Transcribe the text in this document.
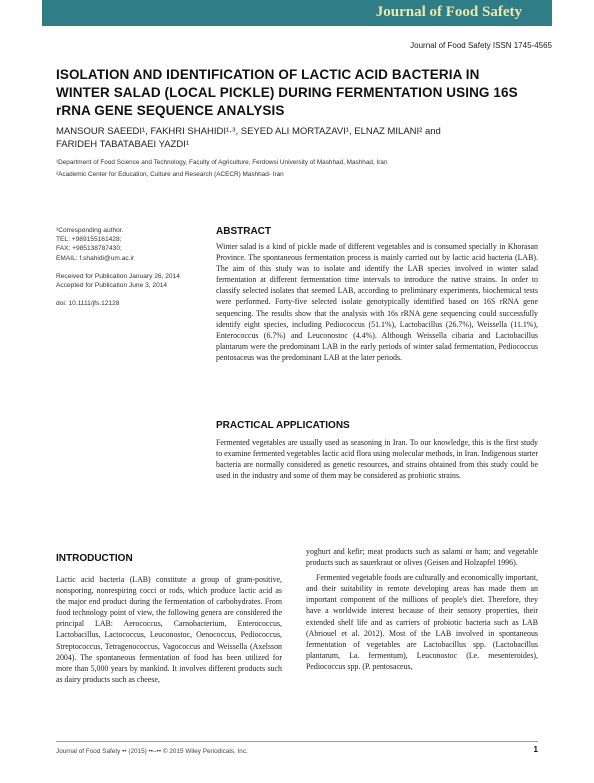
Journal of Food Safety
Journal of Food Safety ISSN 1745-4565
ISOLATION AND IDENTIFICATION OF LACTIC ACID BACTERIA IN WINTER SALAD (LOCAL PICKLE) DURING FERMENTATION USING 16S rRNA GENE SEQUENCE ANALYSIS
MANSOUR SAEEDI¹, FAKHRI SHAHIDI¹·³, SEYED ALI MORTAZAVI¹, ELNAZ MILANI² and
FARIDEH TABATABAEI YAZDI¹
¹Department of Food Science and Technology, Faculty of Agriculture, Ferdowsi University of Mashhad, Mashhad, Iran
²Academic Center for Education, Culture and Research (ACECR) Mashhad- Iran
³Corresponding author.
TEL: +989155161428;
FAX: +985138787430;
EMAIL: f.shahidi@um.ac.ir
Received for Publication January 26, 2014
Accepted for Publication June 3, 2014
doi: 10.1111/jfs.12128
ABSTRACT
Winter salad is a kind of pickle made of different vegetables and is consumed specially in Khorasan Province. The spontaneous fermentation process is mainly carried out by lactic acid bacteria (LAB). The aim of this study was to isolate and identify the LAB species involved in winter salad fermentation at different fermentation time intervals to introduce the native strains. In order to classify selected isolates that seemed LAB, according to preliminary experiments, biochemical tests were performed. Forty-five selected isolate genotypically identified based on 16S rRNA gene sequencing. The results show that the analysis with 16s rRNA gene sequencing could successfully identify eight species, including Pediococcus (51.1%), Lactobacillus (26.7%), Weissella (11.1%), Enterococcus (6.7%) and Leuconostoc (4.4%). Although Weissella cibaria and Lactobacillus plantarum were the predominant LAB in the early periods of winter salad fermentation, Pediococcus pentosaceus was the predominant LAB at the later periods.
PRACTICAL APPLICATIONS
Fermented vegetables are usually used as seasoning in Iran. To our knowledge, this is the first study to examine fermented vegetables lactic acid flora using molecular methods, in Iran. Indigenous starter bacteria are normally considered as genetic resources, and strains obtained from this study could be used in the industry and some of them may be considered as probiotic strains.
INTRODUCTION
Lactic acid bacteria (LAB) constitute a group of gram-positive, nonsporing, nonrespiring cocci or rods, which produce lactic acid as the major end product during the fermentation of carbohydrates. From food technology point of view, the following genera are considered the principal LAB: Aerococcus, Carnobacterium, Enterococcus, Lactobacillus, Lactococcus, Leuconostoc, Oenococcus, Pediococcus, Streptococcus, Tetragenococcus, Vagococcus and Weissella (Axelsson 2004). The spontaneous fermentation of food has been utilized for more than 5,000 years by mankind. It involves different products such as dairy products such as cheese,
yoghurt and kefir; meat products such as salami or ham; and vegetable products such as sauerkraut or olives (Geisen and Holzapfel 1996).
Fermented vegetable foods are culturally and economically important, and their suitability in remote developing areas has made them an important component of the millions of people's diet. Therefore, they have a worldwide interest because of their sensory properties, their extended shelf life and as carriers of probiotic bacteria such as LAB (Abriouel et al. 2012). Most of the LAB involved in spontaneous fermentation of vegetables are Lactobacillus spp. (Lactobacillus plantarum, La. fermentum), Leuconostoc (Le. mesenteroides), Pediococcus spp. (P. pentosaceus,
Journal of Food Safety •• (2015) ••–•• © 2015 Wiley Periodicals, Inc.	1
